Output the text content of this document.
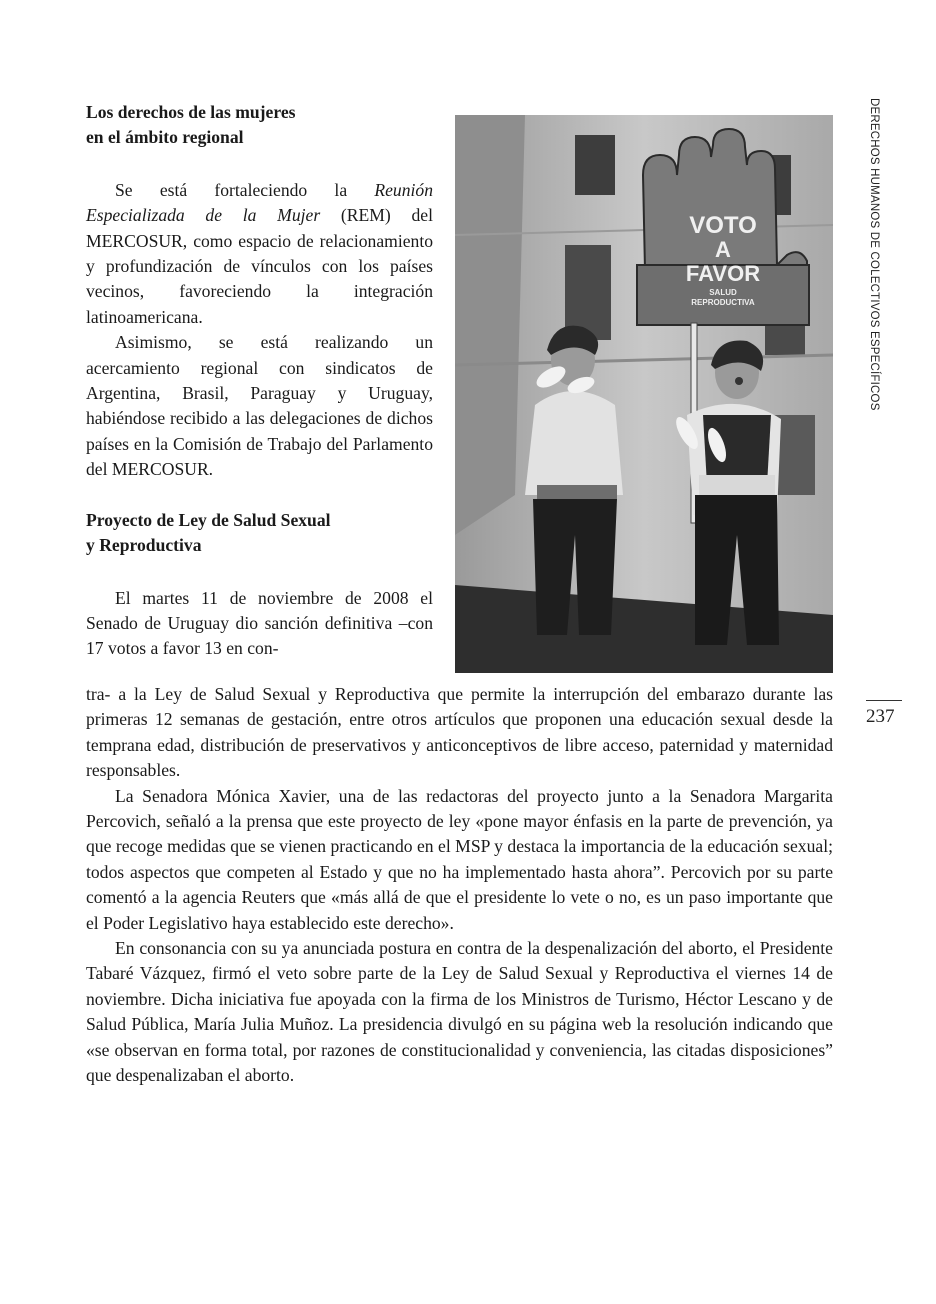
DERECHOS HUMANOS DE COLECTIVOS ESPECÍFICOS
237
Los derechos de las mujeres
en el ámbito regional

Se está fortaleciendo la Reunión Especializada de la Mujer (REM) del MERCOSUR, como espacio de relacionamiento y profundización de vínculos con los países vecinos, favoreciendo la integración latinoamericana.

Asimismo, se está realizando un acercamiento regional con sindicatos de Argentina, Brasil, Paraguay y Uruguay, habiéndose recibido a las delegaciones de dichos países en la Comisión de Trabajo del Parlamento del MERCOSUR.

Proyecto de Ley de Salud Sexual
y Reproductiva

El martes 11 de noviembre de 2008 el Senado de Uruguay dio sanción definitiva –con 17 votos a favor 13 en con-

VOTO
A
FAVOR
SALUD
REPRODUCTIVA

tra- a la Ley de Salud Sexual y Reproductiva que permite la interrupción del embarazo durante las primeras 12 semanas de gestación, entre otros artículos que proponen una educación sexual desde la temprana edad, distribución de preservativos y anticonceptivos de libre acceso, paternidad y maternidad responsables.

La Senadora Mónica Xavier, una de las redactoras del proyecto junto a la Senadora Margarita Percovich, señaló a la prensa que este proyecto de ley «pone mayor énfasis en la parte de prevención, ya que recoge medidas que se vienen practicando en el MSP y destaca la importancia de la educación sexual; todos aspectos que competen al Estado y que no ha implementado hasta ahora”. Percovich por su parte comentó a la agencia Reuters que «más allá de que el presidente lo vete o no, es un paso importante que el Poder Legislativo haya establecido este derecho».

En consonancia con su ya anunciada postura en contra de la despenalización del aborto, el Presidente Tabaré Vázquez, firmó el veto sobre parte de la Ley de Salud Sexual y Reproductiva el viernes 14 de noviembre. Dicha iniciativa fue apoyada con la firma de los Ministros de Turismo, Héctor Lescano y de Salud Pública, María Julia Muñoz. La presidencia divulgó en su página web la resolución indicando que «se observan en forma total, por razones de constitucionalidad y conveniencia, las citadas disposiciones” que despenalizaban el aborto.
